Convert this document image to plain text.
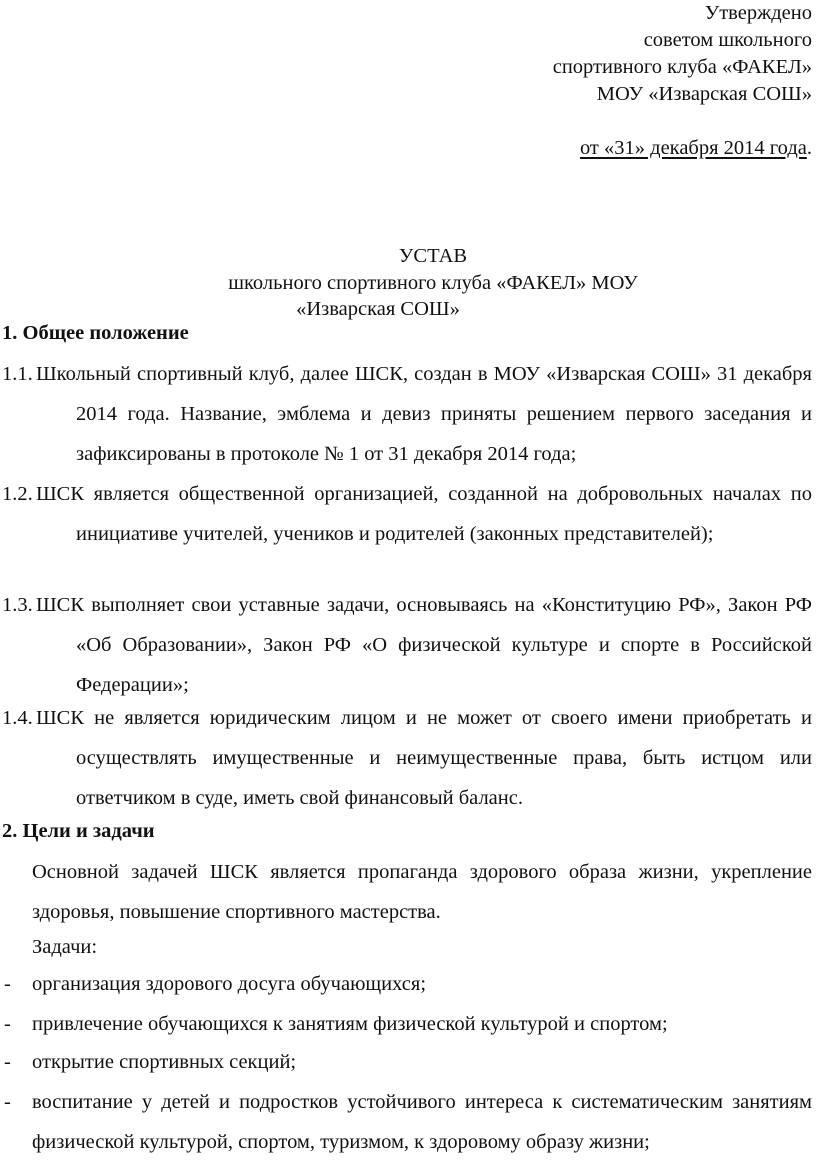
Утверждено
советом школьного
спортивного клуба «ФАКЕЛ»
МОУ «Изварская СОШ»
от «31» декабря 2014 года.
УСТАВ
школьного спортивного клуба «ФАКЕЛ» МОУ
«Изварская СОШ»
1. Общее положение
1.1. Школьный спортивный клуб, далее ШСК, создан в МОУ «Изварская СОШ» 31 декабря 2014 года. Название, эмблема и девиз приняты решением первого заседания и зафиксированы в протоколе № 1 от 31 декабря 2014 года;
1.2. ШСК является общественной организацией, созданной на добровольных началах по инициативе учителей, учеников и родителей (законных представителей);
1.3. ШСК выполняет свои уставные задачи, основываясь на «Конституцию РФ», Закон РФ «Об Образовании», Закон РФ «О физической культуре и спорте в Российской Федерации»;
1.4. ШСК не является юридическим лицом и не может от своего имени приобретать и осуществлять имущественные и неимущественные права, быть истцом или ответчиком в суде, иметь свой финансовый баланс.
2. Цели и задачи
Основной задачей ШСК является пропаганда здорового образа жизни, укрепление здоровья, повышение спортивного мастерства.
Задачи:
-	организация здорового досуга обучающихся;
-	привлечение обучающихся к занятиям физической культурой и спортом;
-	открытие спортивных секций;
-	воспитание у детей и подростков устойчивого интереса к систематическим занятиям физической культурой, спортом, туризмом, к здоровому образу жизни;
